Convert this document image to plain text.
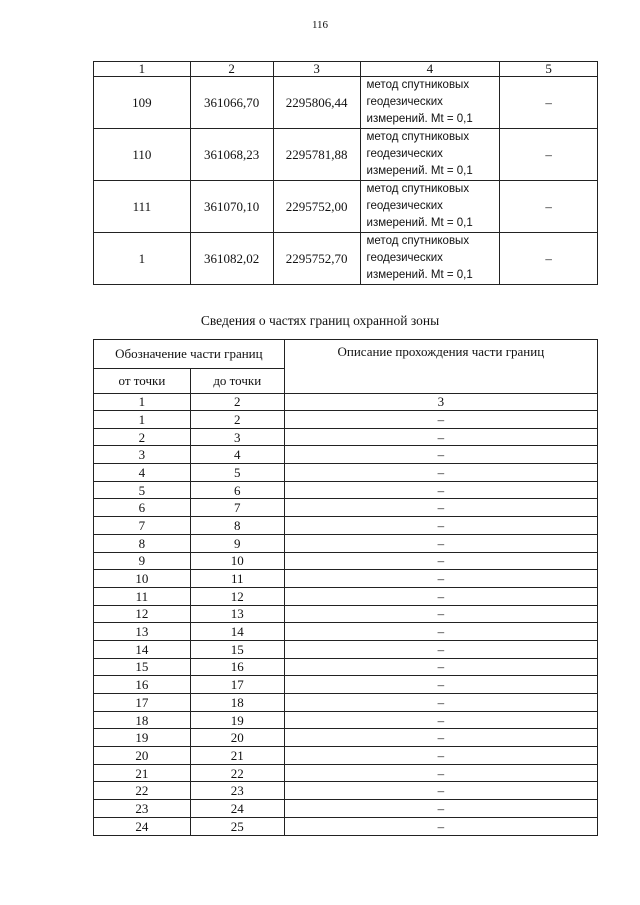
116
1	2	3	4	5
109	361066,70	2295806,44	метод спутниковых
геодезических
измерений. Mt = 0,1	–
110	361068,23	2295781,88	метод спутниковых
геодезических
измерений. Mt = 0,1	–
111	361070,10	2295752,00	метод спутниковых
геодезических
измерений. Mt = 0,1	–
1	361082,02	2295752,70	метод спутниковых
геодезических
измерений. Mt = 0,1	–
Сведения о частях границ охранной зоны
Обозначение части границ		Описание прохождения части границ
от точки	до точки	
1	2	3
1	2	–
2	3	–
3	4	–
4	5	–
5	6	–
6	7	–
7	8	–
8	9	–
9	10	–
10	11	–
11	12	–
12	13	–
13	14	–
14	15	–
15	16	–
16	17	–
17	18	–
18	19	–
19	20	–
20	21	–
21	22	–
22	23	–
23	24	–
24	25	–
